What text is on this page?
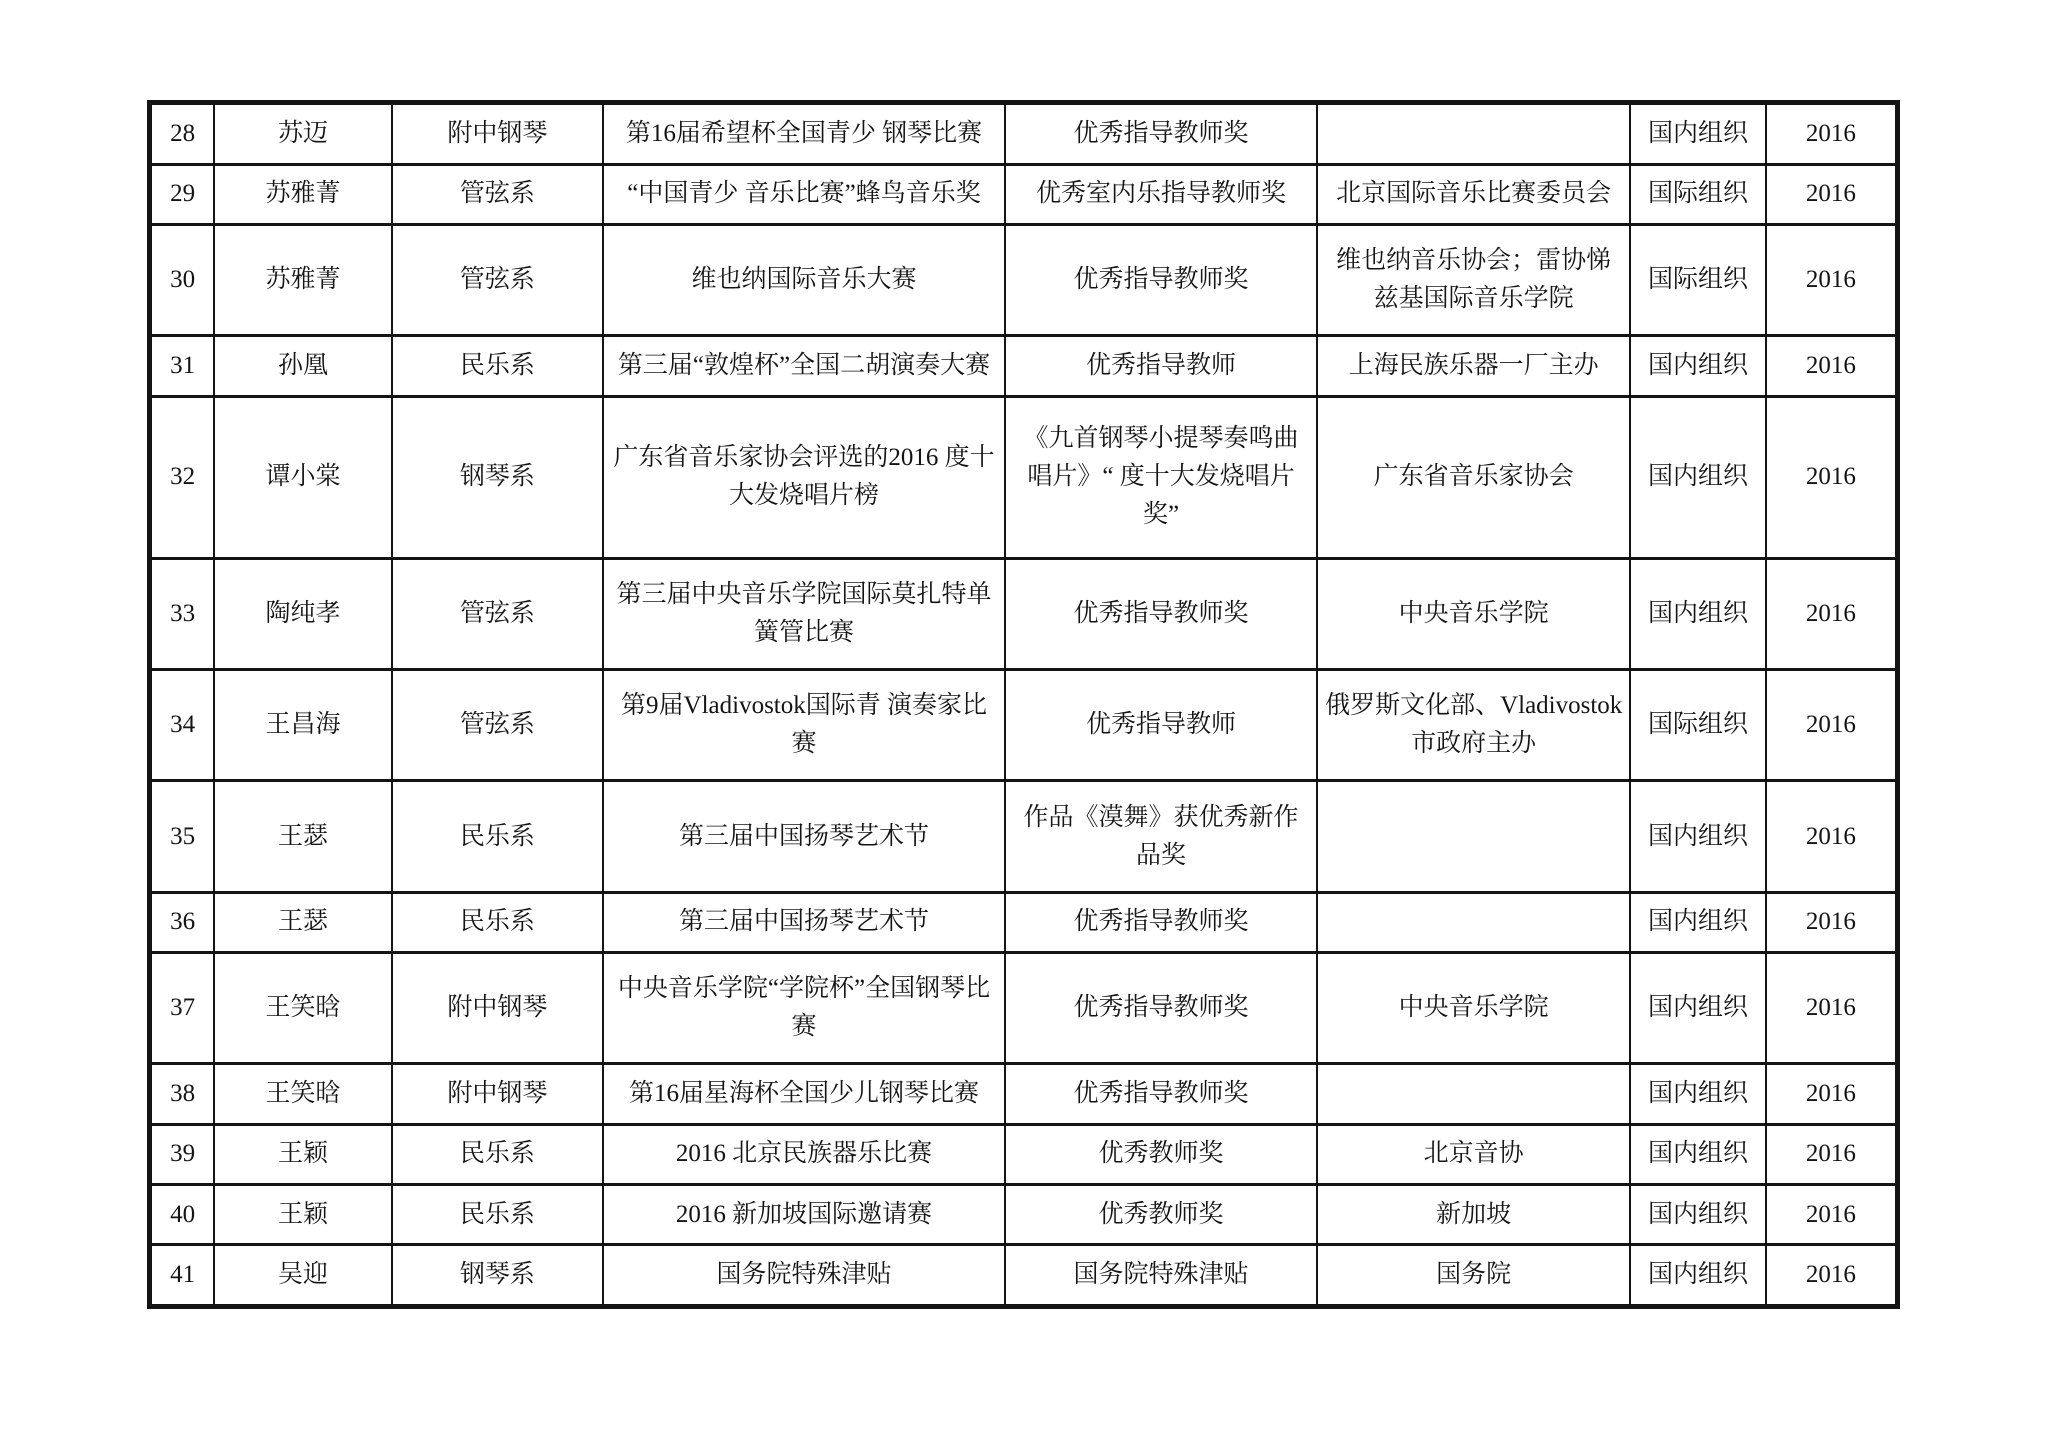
28	苏迈	附中钢琴	第16届希望杯全国青少 钢琴比赛	优秀指导教师奖		国内组织	2016
29	苏雅菁	管弦系	“中国青少 音乐比赛”蜂鸟音乐奖	优秀室内乐指导教师奖	北京国际音乐比赛委员会	国际组织	2016
30	苏雅菁	管弦系	维也纳国际音乐大赛	优秀指导教师奖	维也纳音乐协会；雷协悌兹基国际音乐学院	国际组织	2016
31	孙凰	民乐系	第三届“敦煌杯”全国二胡演奏大赛	优秀指导教师	上海民族乐器一厂主办	国内组织	2016
32	谭小棠	钢琴系	广东省音乐家协会评选的2016 度十大发烧唱片榜	《九首钢琴小提琴奏鸣曲唱片》“ 度十大发烧唱片奖”	广东省音乐家协会	国内组织	2016
33	陶纯孝	管弦系	第三届中央音乐学院国际莫扎特单簧管比赛	优秀指导教师奖	中央音乐学院	国内组织	2016
34	王昌海	管弦系	第9届Vladivostok国际青 演奏家比赛	优秀指导教师	俄罗斯文化部、Vladivostok市政府主办	国际组织	2016
35	王瑟	民乐系	第三届中国扬琴艺术节	作品《漠舞》获优秀新作品奖		国内组织	2016
36	王瑟	民乐系	第三届中国扬琴艺术节	优秀指导教师奖		国内组织	2016
37	王笑晗	附中钢琴	中央音乐学院“学院杯”全国钢琴比赛	优秀指导教师奖	中央音乐学院	国内组织	2016
38	王笑晗	附中钢琴	第16届星海杯全国少儿钢琴比赛	优秀指导教师奖		国内组织	2016
39	王颖	民乐系	2016 北京民族器乐比赛	优秀教师奖	北京音协	国内组织	2016
40	王颖	民乐系	2016 新加坡国际邀请赛	优秀教师奖	新加坡	国内组织	2016
41	吴迎	钢琴系	国务院特殊津贴	国务院特殊津贴	国务院	国内组织	2016
